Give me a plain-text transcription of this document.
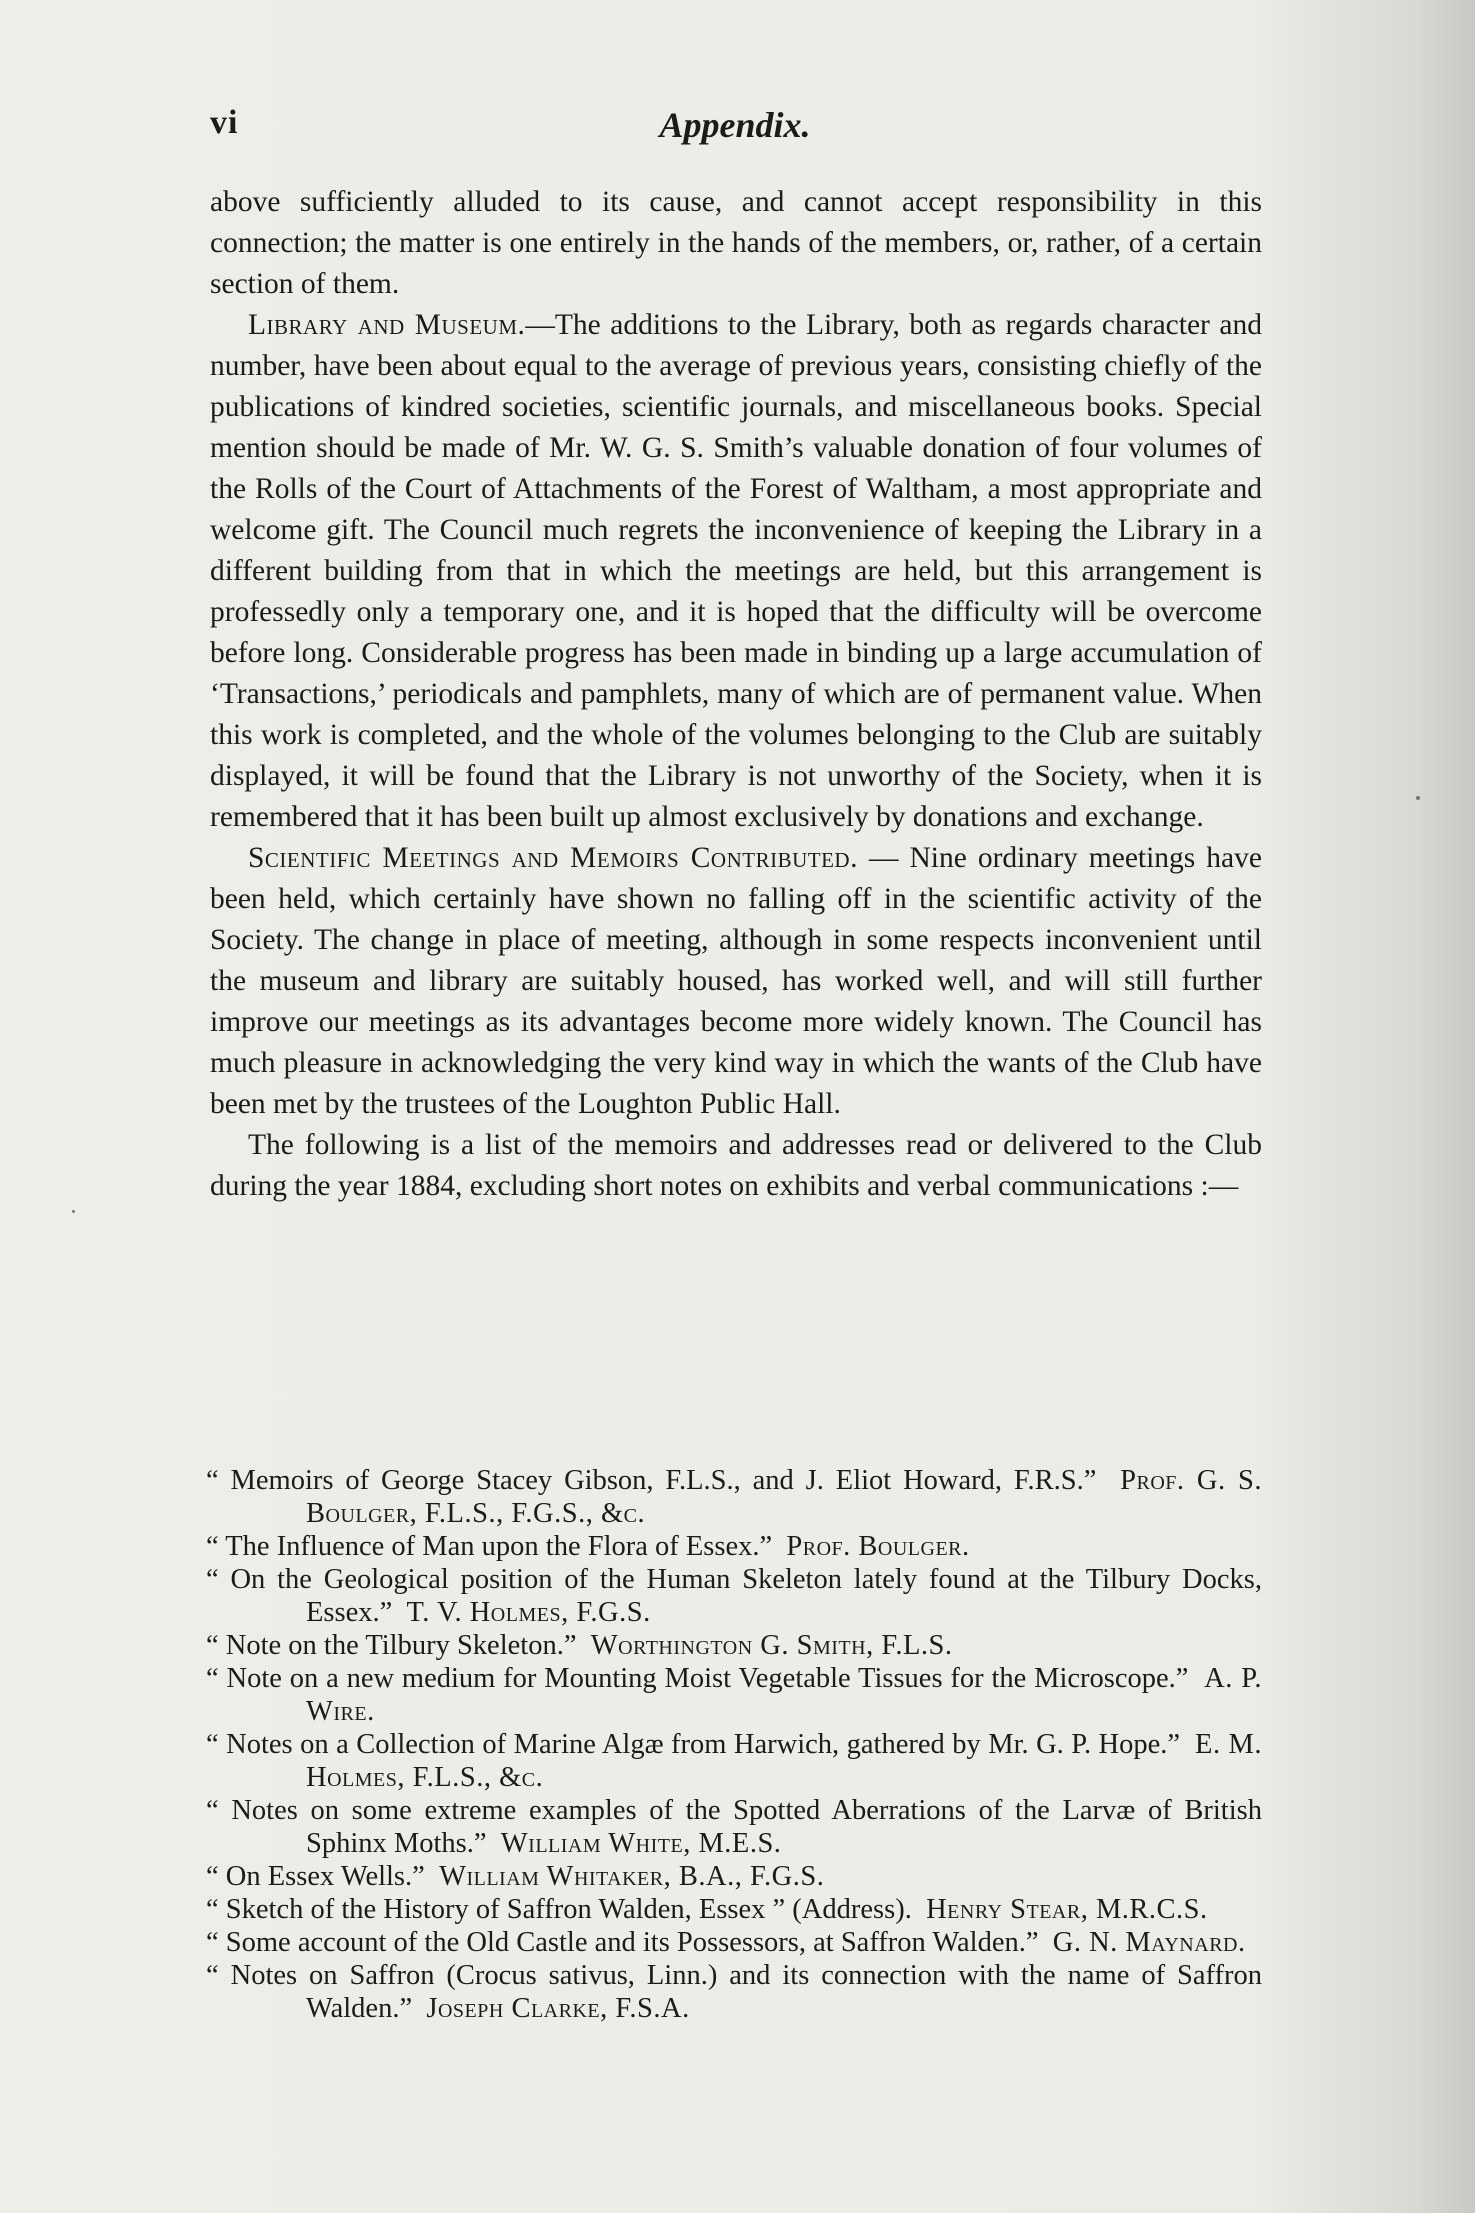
vi	Appendix.

above sufficiently alluded to its cause, and cannot accept responsibility in this connection; the matter is one entirely in the hands of the members, or, rather, of a certain section of them.

Library and Museum.—The additions to the Library, both as regards character and number, have been about equal to the average of previous years, consisting chiefly of the publications of kindred societies, scientific journals, and miscellaneous books. Special mention should be made of Mr. W. G. S. Smith’s valuable donation of four volumes of the Rolls of the Court of Attachments of the Forest of Waltham, a most appropriate and welcome gift. The Council much regrets the inconvenience of keeping the Library in a different building from that in which the meetings are held, but this arrangement is professedly only a temporary one, and it is hoped that the difficulty will be overcome before long. Considerable progress has been made in binding up a large accumulation of ‘Transactions,’ periodicals and pamphlets, many of which are of permanent value. When this work is completed, and the whole of the volumes belonging to the Club are suitably displayed, it will be found that the Library is not unworthy of the Society, when it is remembered that it has been built up almost exclusively by donations and exchange.

Scientific Meetings and Memoirs Contributed. — Nine ordinary meetings have been held, which certainly have shown no falling off in the scientific activity of the Society. The change in place of meeting, although in some respects inconvenient until the museum and library are suitably housed, has worked well, and will still further improve our meetings as its advantages become more widely known. The Council has much pleasure in acknowledging the very kind way in which the wants of the Club have been met by the trustees of the Loughton Public Hall.

The following is a list of the memoirs and addresses read or delivered to the Club during the year 1884, excluding short notes on exhibits and verbal communications :—

“ Memoirs of George Stacey Gibson, F.L.S., and J. Eliot Howard, F.R.S.” Prof. G. S. Boulger, F.L.S., F.G.S., &c.

“ The Influence of Man upon the Flora of Essex.” Prof. Boulger.

“ On the Geological position of the Human Skeleton lately found at the Tilbury Docks, Essex.” T. V. Holmes, F.G.S.

“ Note on the Tilbury Skeleton.” Worthington G. Smith, F.L.S.

“ Note on a new medium for Mounting Moist Vegetable Tissues for the Microscope.” A. P. Wire.

“ Notes on a Collection of Marine Algæ from Harwich, gathered by Mr. G. P. Hope.” E. M. Holmes, F.L.S., &c.

“ Notes on some extreme examples of the Spotted Aberrations of the Larvæ of British Sphinx Moths.” William White, M.E.S.

“ On Essex Wells.” William Whitaker, B.A., F.G.S.

“ Sketch of the History of Saffron Walden, Essex ” (Address). Henry Stear, M.R.C.S.

“ Some account of the Old Castle and its Possessors, at Saffron Walden.” G. N. Maynard.

“ Notes on Saffron (Crocus sativus, Linn.) and its connection with the name of Saffron Walden.” Joseph Clarke, F.S.A.
